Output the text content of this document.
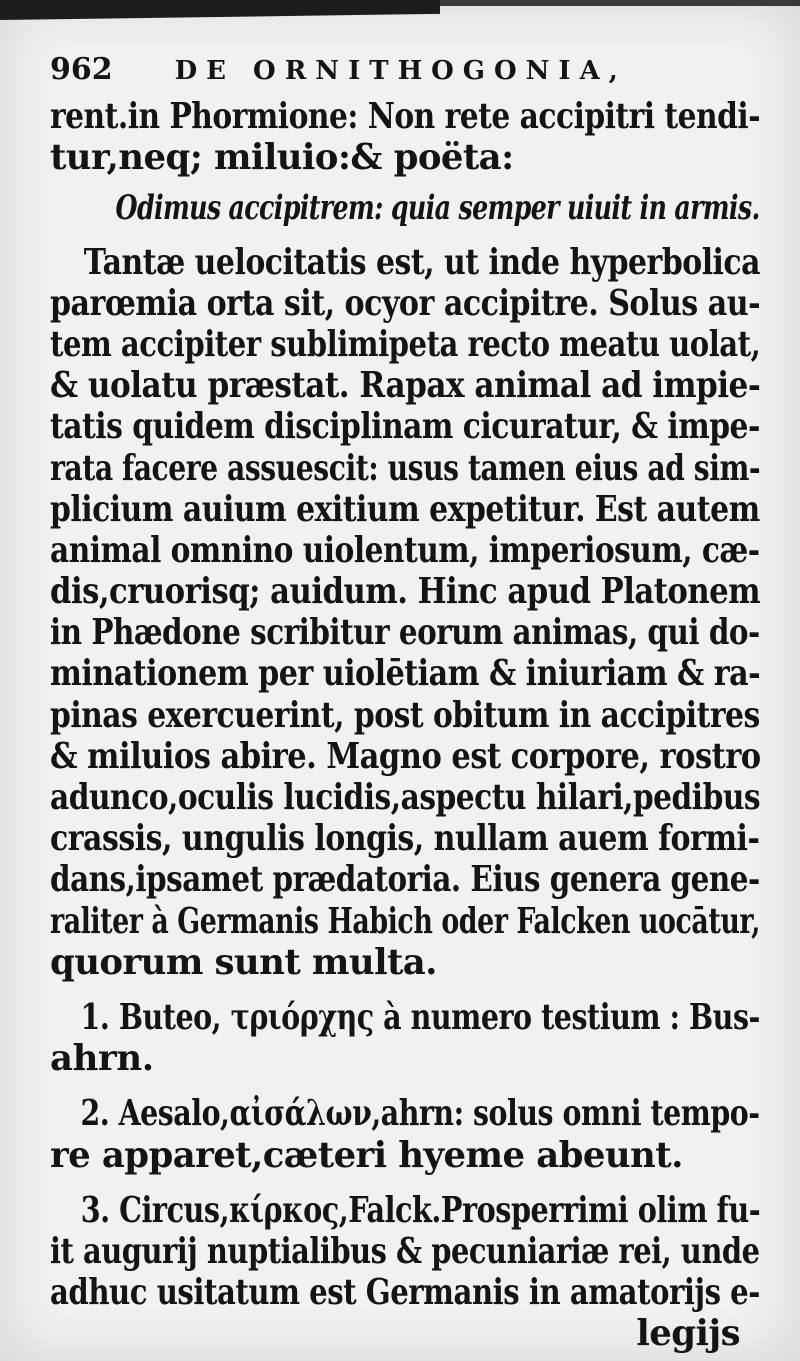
962 DE ORNITHOGONIA,
rent.in Phormione: Non rete accipitri tendi-
tur,neq; miluio:& poëta:
Odimus accipitrem: quia semper uiuit in armis.
Tantæ uelocitatis est, ut inde hyperbolica
parœmia orta sit, ocyor accipitre. Solus au-
tem accipiter sublimipeta recto meatu uolat,
& uolatu præstat. Rapax animal ad impie-
tatis quidem disciplinam cicuratur, & impe-
rata facere assuescit: usus tamen eius ad sim-
plicium auium exitium expetitur. Est autem
animal omnino uiolentum, imperiosum, cæ-
dis,cruorisq; auidum. Hinc apud Platonem
in Phædone scribitur eorum animas, qui do-
minationem per uiolētiam & iniuriam & ra-
pinas exercuerint, post obitum in accipitres
& miluios abire. Magno est corpore, rostro
adunco,oculis lucidis,aspectu hilari,pedibus
crassis, ungulis longis, nullam auem formi-
dans,ipsamet prædatoria. Eius genera gene-
raliter à Germanis Habich oder Falcken uocātur,
quorum sunt multa.
1. Buteo, τριόρχης à numero testium : Bus-
ahrn.
2. Aesalo,αἰσάλων,ahrn: solus omni tempo-
re apparet,cæteri hyeme abeunt.
3. Circus,κίρκος,Falck.Prosperrimi olim fu-
it augurij nuptialibus & pecuniariæ rei, unde
adhuc usitatum est Germanis in amatorijs e-
legijs
